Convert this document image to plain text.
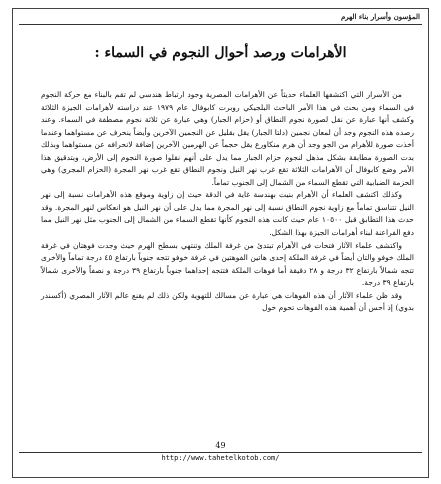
المؤسون وأسرار بناء الهرم
الأهرامات ورصد أحوال النجوم في السماء :

من الأسرار التي اكتشفها العلماء حديثاً عن الأهرامات المصرية وجود ارتباط هندسي لم تقم بالبناء مع حركة النجوم في السماء ومن بحث في هذا الأمر الباحث البلجيكي روبرت كابوفال عام ١٩٧٩ عند دراسته لأهرامات الجيزة الثلاثة وكشف أنها عبارة عن نقل لصورة نجوم النطاق أو (حزام الجبار) وهي عبارة عن ثلاثة نجوم مصطفة في السماء. وعند رصده هذه النجوم وجد أن لمعان نجمين (دلتا الجبار) يقل بقليل عن النجمين الآخرين وأيضاً ينحرف عن مستواهما وعندما أخذت صورة للأهرام من الجو وجد أن هرم منكاورع يقل حجماً عن الهرمين الآخرين إضافة لانحرافه عن مستواهما وبذلك بدت الصورة مطابقة بشكل مذهل لنجوم حزام الجبار مما يدل على أنهم نقلوا صورة النجوم إلى الأرض، وبتدقيق هذا الأمر وضع كابوفال أن الأهرامات الثلاثة تقع غرب نهر النيل ونجوم النطاق تقع غرب نهر المجرة (الحزام المجري) وهي الحزمة الضبابية التي تقطع السماء من الشمال إلى الجنوب تماماً.

وكذلك اكتشف العلماء أن الأهرام بنيت بهندسة غاية في الدقة حيث إن زاوية وموقع هذه الأهرامات نسبة إلى نهر النيل تتناسق تماماً مع زاوية نجوم النطاق نسبة إلى نهر المجرة مما يدل على أن نهر النيل هو انعكاس لنهر المجرة. وقد حدث هذا التطابق قبل ١٠٥٠٠ عام حيث كانت هذه النجوم كأنها تقطع السماء من الشمال إلى الجنوب مثل نهر النيل مما دفع الفراعنة لبناء أهرامات الجيزة بهذا الشكل.

واكتشف علماء الآثار فتحات في الأهرام تبتدئ من غرفة الملك وتنتهي بسطح الهرم حيث وجدت فوهتان في غرفة الملك خوفو والتان أيضاً في غرفة الملكة إحدى هاتين الفوهتين في غرفة خوفو تتجه جنوباً بارتفاع ٤٥ درجة تماماً والأخرى تتجه شمالاً بارتفاع ٣٢ درجة و ٢٨ دقيقة أما فوهات الملكة فتتجه إحداهما جنوباً بارتفاع ٣٩ درجة و نصفاً والأخرى شمالاً بارتفاع ٣٩ درجة.

وقد ظن علماء الآثار أن هذه الفوهات هي عبارة عن مسالك للتهوية ولكن ذلك لم يقنع عالم الآثار المصري (أكسندر بدوي) إذ أحس أن أهمية هذه الفوهات تحوم حول

49
http://www.tahetelkotob.com/
